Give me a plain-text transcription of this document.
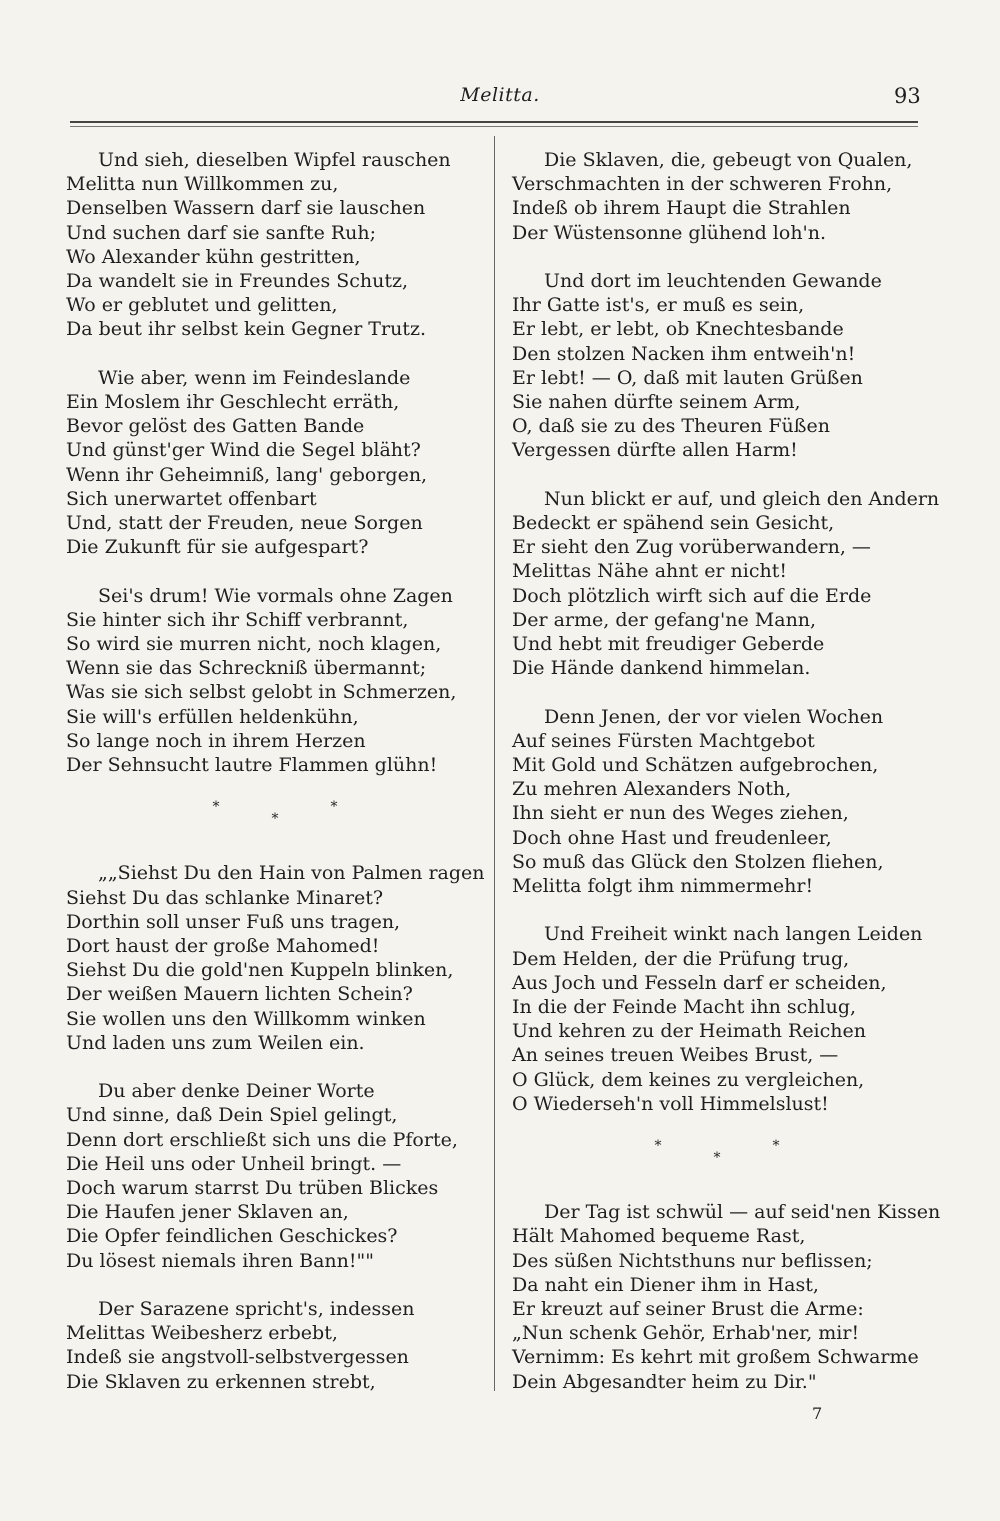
Melitta.	93
Und sieh, dieselben Wipfel rauschen
Melitta nun Willkommen zu,
Denselben Wassern darf sie lauschen
Und suchen darf sie sanfte Ruh;
Wo Alexander kühn gestritten,
Da wandelt sie in Freundes Schutz,
Wo er geblutet und gelitten,
Da beut ihr selbst kein Gegner Trutz.
Wie aber, wenn im Feindeslande
Ein Moslem ihr Geschlecht erräth,
Bevor gelöst des Gatten Bande
Und günst'ger Wind die Segel bläht?
Wenn ihr Geheimniß, lang' geborgen,
Sich unerwartet offenbart
Und, statt der Freuden, neue Sorgen
Die Zukunft für sie aufgespart?
Sei's drum! Wie vormals ohne Zagen
Sie hinter sich ihr Schiff verbrannt,
So wird sie murren nicht, noch klagen,
Wenn sie das Schreckniß übermannt;
Was sie sich selbst gelobt in Schmerzen,
Sie will's erfüllen heldenkühn,
So lange noch in ihrem Herzen
Der Sehnsucht lautre Flammen glühn!
***
„„Siehst Du den Hain von Palmen ragen
Siehst Du das schlanke Minaret?
Dorthin soll unser Fuß uns tragen,
Dort haust der große Mahomed!
Siehst Du die gold'nen Kuppeln blinken,
Der weißen Mauern lichten Schein?
Sie wollen uns den Willkomm winken
Und laden uns zum Weilen ein.
Du aber denke Deiner Worte
Und sinne, daß Dein Spiel gelingt,
Denn dort erschließt sich uns die Pforte,
Die Heil uns oder Unheil bringt. —
Doch warum starrst Du trüben Blickes
Die Haufen jener Sklaven an,
Die Opfer feindlichen Geschickes?
Du lösest niemals ihren Bann!""
Der Sarazene spricht's, indessen
Melittas Weibesherz erbebt,
Indeß sie angstvoll-selbstvergessen
Die Sklaven zu erkennen strebt,
Die Sklaven, die, gebeugt von Qualen,
Verschmachten in der schweren Frohn,
Indeß ob ihrem Haupt die Strahlen
Der Wüstensonne glühend loh'n.
Und dort im leuchtenden Gewande
Ihr Gatte ist's, er muß es sein,
Er lebt, er lebt, ob Knechtesbande
Den stolzen Nacken ihm entweih'n!
Er lebt! — O, daß mit lauten Grüßen
Sie nahen dürfte seinem Arm,
O, daß sie zu des Theuren Füßen
Vergessen dürfte allen Harm!
Nun blickt er auf, und gleich den Andern
Bedeckt er spähend sein Gesicht,
Er sieht den Zug vorüberwandern, —
Melittas Nähe ahnt er nicht!
Doch plötzlich wirft sich auf die Erde
Der arme, der gefang'ne Mann,
Und hebt mit freudiger Geberde
Die Hände dankend himmelan.
Denn Jenen, der vor vielen Wochen
Auf seines Fürsten Machtgebot
Mit Gold und Schätzen aufgebrochen,
Zu mehren Alexanders Noth,
Ihn sieht er nun des Weges ziehen,
Doch ohne Hast und freudenleer,
So muß das Glück den Stolzen fliehen,
Melitta folgt ihm nimmermehr!
Und Freiheit winkt nach langen Leiden
Dem Helden, der die Prüfung trug,
Aus Joch und Fesseln darf er scheiden,
In die der Feinde Macht ihn schlug,
Und kehren zu der Heimath Reichen
An seines treuen Weibes Brust, —
O Glück, dem keines zu vergleichen,
O Wiederseh'n voll Himmelslust!
***
Der Tag ist schwül — auf seid'nen Kissen
Hält Mahomed bequeme Rast,
Des süßen Nichtsthuns nur beflissen;
Da naht ein Diener ihm in Hast,
Er kreuzt auf seiner Brust die Arme:
„Nun schenk Gehör, Erhab'ner, mir!
Vernimm: Es kehrt mit großem Schwarme
Dein Abgesandter heim zu Dir."
7
